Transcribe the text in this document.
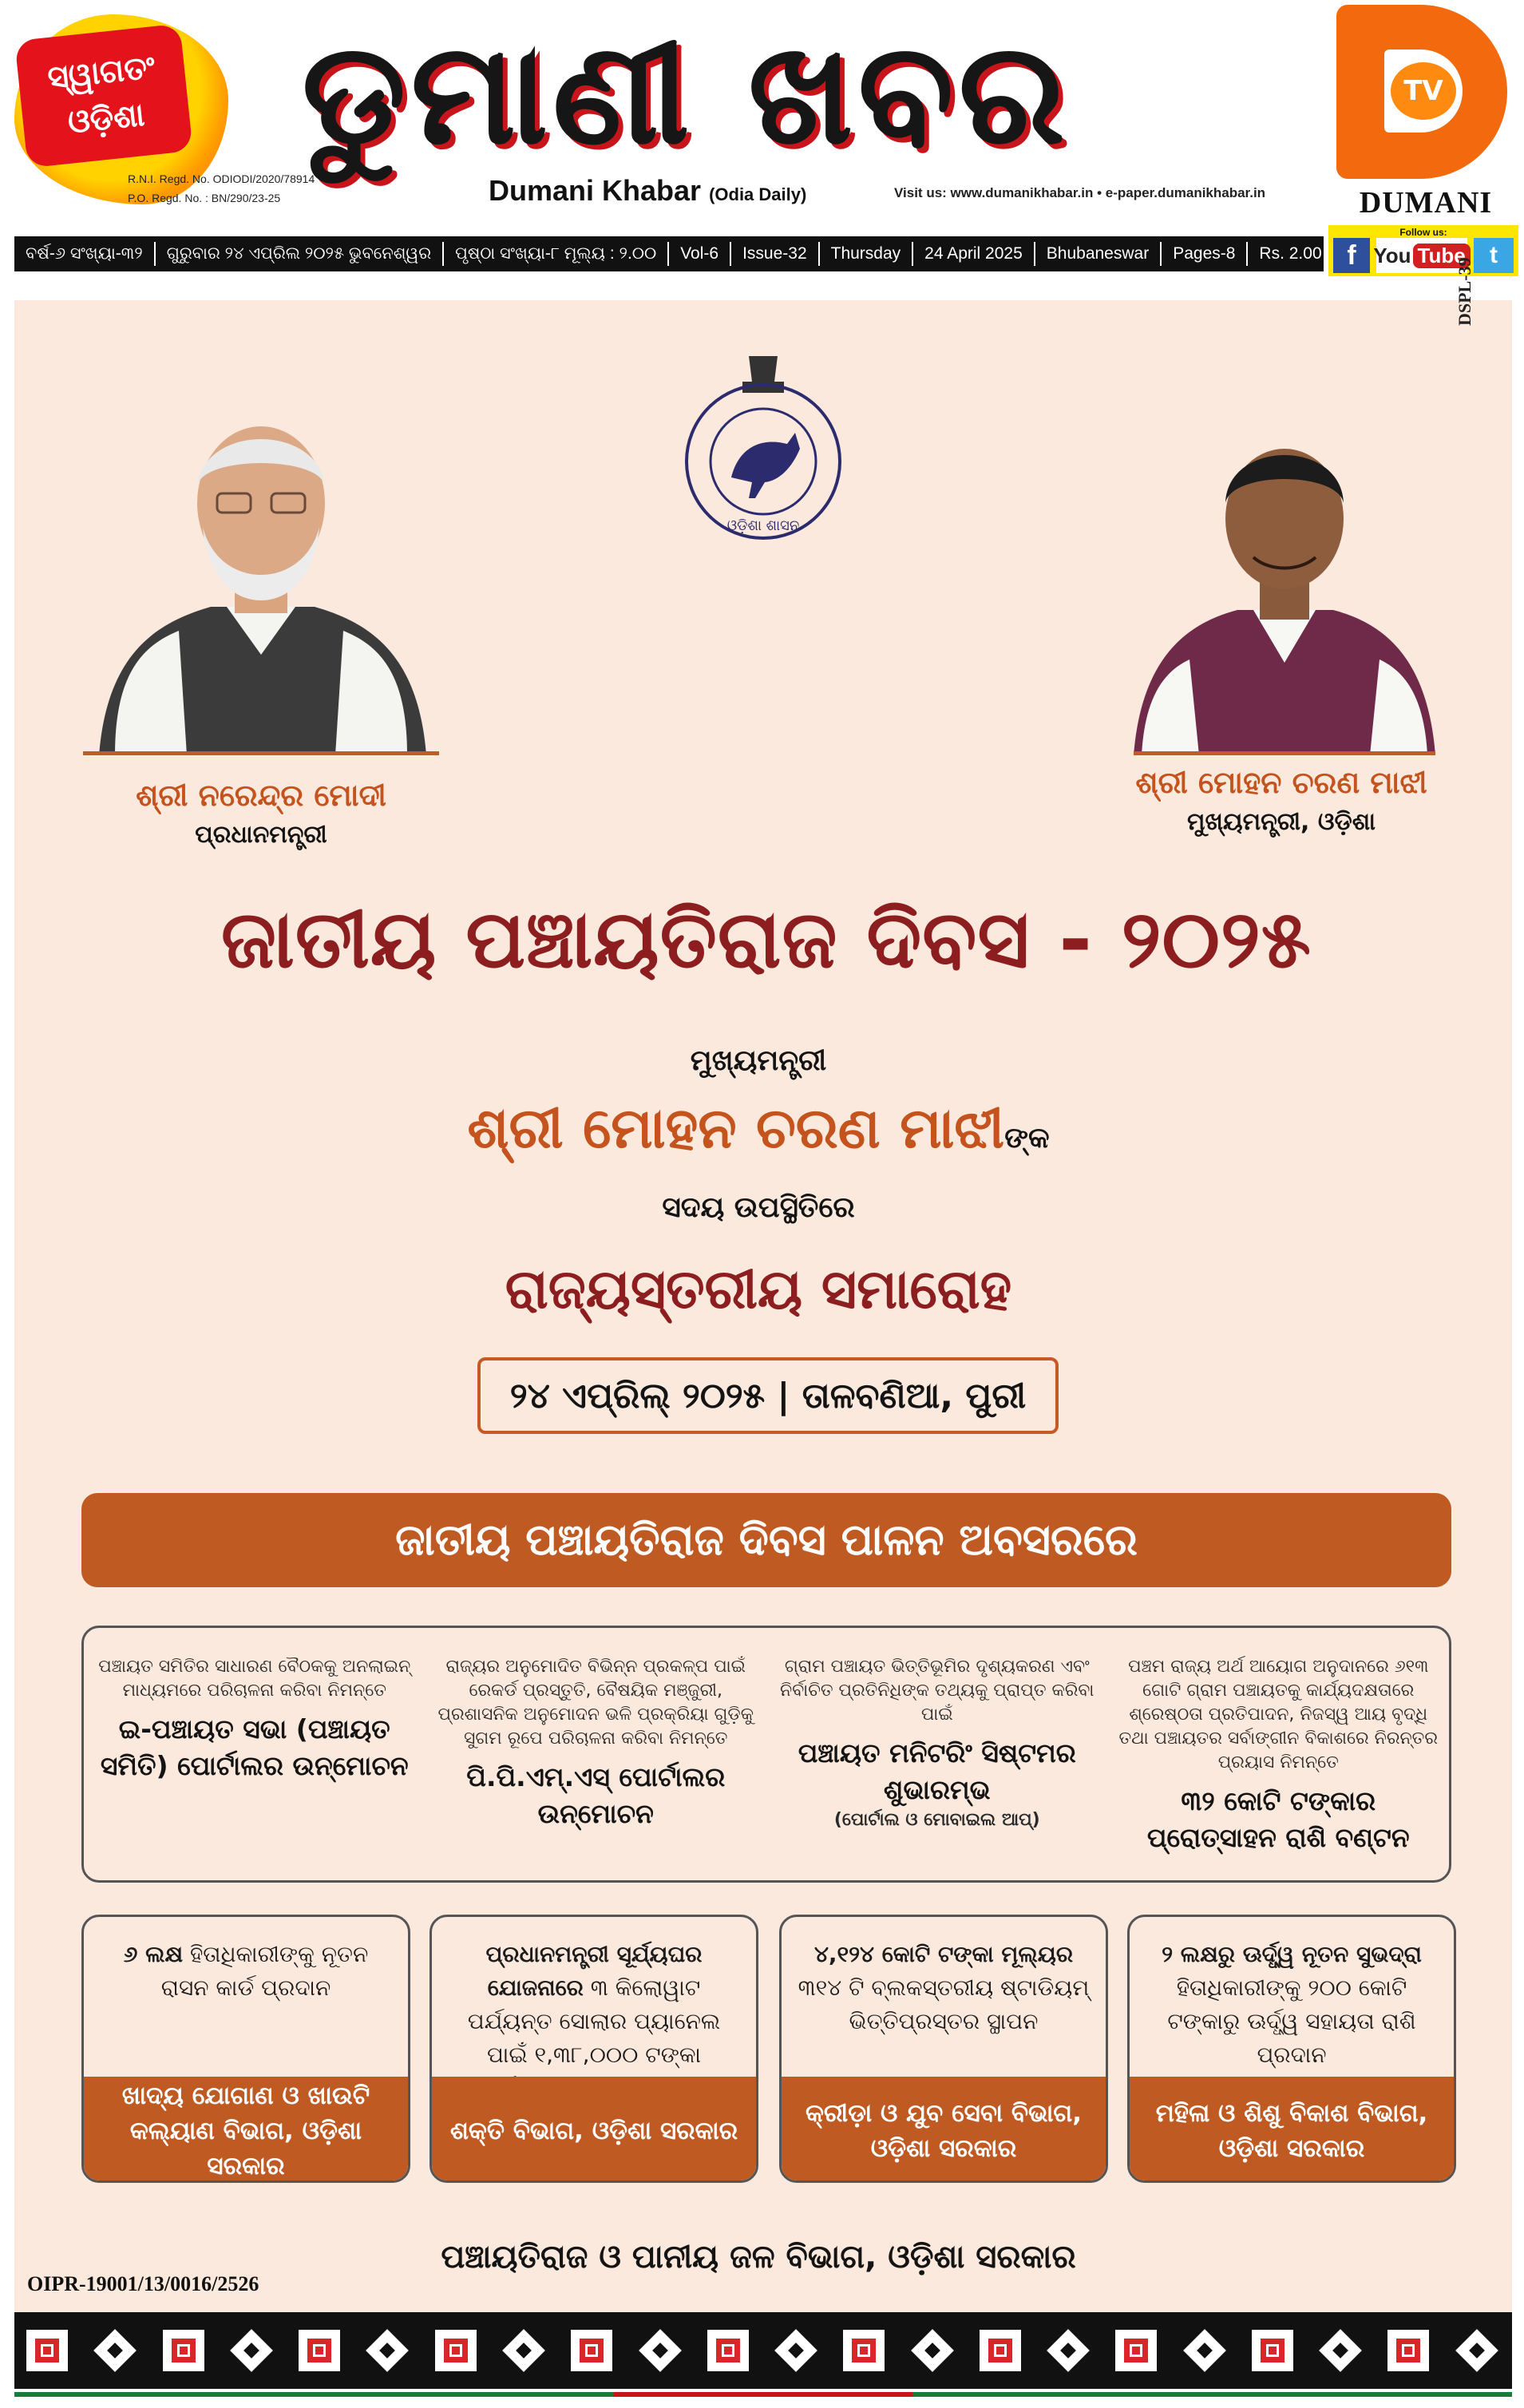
ସ୍ୱାଗତଂ
ଓଡ଼ିଶା
R.N.I. Regd. No. ODIODI/2020/78914
P.O. Regd. No. : BN/290/23-25
ଡୁମାଣୀ ଖବର
Dumani Khabar (Odia Daily)	Visit us: www.dumanikhabar.in • e-paper.dumanikhabar.in
TV
DUMANI
ବର୍ଷ-୬ ସଂଖ୍ୟା-୩୨	ଗୁରୁବାର ୨୪ ଏପ୍ରିଲ ୨୦୨୫ ଭୁବନେଶ୍ୱର	ପୃଷ୍ଠା ସଂଖ୍ୟା-୮ ମୂଲ୍ୟ : ୨.୦୦	Vol-6	Issue-32	Thursday	24 April 2025	Bhubaneswar	Pages-8	Rs. 2.00
Follow us:
f You Tube	t
DSPL-39
ଓଡ଼ିଶା ଶାସନ
ଶ୍ରୀ ନରେନ୍ଦ୍ର ମୋଦୀ
ପ୍ରଧାନମନ୍ତ୍ରୀ
ଶ୍ରୀ ମୋହନ ଚରଣ ମାଝୀ
ମୁଖ୍ୟମନ୍ତ୍ରୀ, ଓଡ଼ିଶା
ଜାତୀୟ ପଞ୍ଚାୟତିରାଜ ଦିବସ - ୨୦୨୫
ମୁଖ୍ୟମନ୍ତ୍ରୀ
ଶ୍ରୀ ମୋହନ ଚରଣ ମାଝୀଙ୍କ
ସଦୟ ଉପସ୍ଥିତିରେ
ରାଜ୍ୟସ୍ତରୀୟ ସମାରୋହ
୨୪ ଏପ୍ରିଲ୍ ୨୦୨୫ | ତାଳବଣିଆ, ପୁରୀ
ଜାତୀୟ ପଞ୍ଚାୟତିରାଜ ଦିବସ ପାଳନ ଅବସରରେ
ପଞ୍ଚାୟତ ସମିତିର ସାଧାରଣ ବୈଠକକୁ ଅନଲାଇନ୍ ମାଧ୍ୟମରେ ପରିଚାଳନା କରିବା ନିମନ୍ତେ
ଇ-ପଞ୍ଚାୟତ ସଭା (ପଞ୍ଚାୟତ ସମିତି) ପୋର୍ଟାଲର ଉନ୍ମୋଚନ
ରାଜ୍ୟର ଅନୁମୋଦିତ ବିଭିନ୍ନ ପ୍ରକଳ୍ପ ପାଇଁ ରେକର୍ଡ ପ୍ରସ୍ତୁତି, ବୈଷୟିକ ମଞ୍ଜୁରୀ, ପ୍ରଶାସନିକ ଅନୁମୋଦନ ଭଳି ପ୍ରକ୍ରିୟା ଗୁଡ଼ିକୁ ସୁଗମ ରୂପେ ପରିଚାଳନା କରିବା ନିମନ୍ତେ
ପି.ପି.ଏମ୍.ଏସ୍ ପୋର୍ଟାଲର ଉନ୍ମୋଚନ
ଗ୍ରାମ ପଞ୍ଚାୟତ ଭିତ୍ତିଭୂମିର ଦୃଶ୍ୟକରଣ ଏବଂ ନିର୍ବାଚିତ ପ୍ରତିନିଧିଙ୍କ ତଥ୍ୟକୁ ପ୍ରାପ୍ତ କରିବା ପାଇଁ
ପଞ୍ଚାୟତ ମନିଟରିଂ ସିଷ୍ଟମର ଶୁଭାରମ୍ଭ
(ପୋର୍ଟାଲ ଓ ମୋବାଇଲ ଆପ୍)
ପଞ୍ଚମ ରାଜ୍ୟ ଅର୍ଥ ଆୟୋଗ ଅନୁଦାନରେ ୬୧୩ ଗୋଟି ଗ୍ରାମ ପଞ୍ଚାୟତକୁ କାର୍ଯ୍ୟଦକ୍ଷତାରେ ଶ୍ରେଷ୍ଠତା ପ୍ରତିପାଦନ, ନିଜସ୍ୱ ଆୟ ବୃଦ୍ଧି ତଥା ପଞ୍ଚାୟତର ସର୍ବାଙ୍ଗୀନ ବିକାଶରେ ନିରନ୍ତର ପ୍ରୟାସ ନିମନ୍ତେ
୩୨ କୋଟି ଟଙ୍କାର ପ୍ରୋତ୍ସାହନ ରାଶି ବଣ୍ଟନ
୬ ଲକ୍ଷ ହିତାଧିକାରୀଙ୍କୁ ନୂତନ ରାସନ କାର୍ଡ ପ୍ରଦାନ
ଖାଦ୍ୟ ଯୋଗାଣ ଓ ଖାଉଟି କଲ୍ୟାଣ ବିଭାଗ, ଓଡ଼ିଶା ସରକାର
ପ୍ରଧାନମନ୍ତ୍ରୀ ସୂର୍ଯ୍ୟଘର ଯୋଜନାରେ ୩ କିଲୋୱାଟ ପର୍ଯ୍ୟନ୍ତ ସୋଲାର ପ୍ୟାନେଲ ପାଇଁ ୧,୩୮,୦୦୦ ଟଙ୍କା
ଶକ୍ତି ବିଭାଗ, ଓଡ଼ିଶା ସରକାର
୪,୧୨୪ କୋଟି ଟଙ୍କା ମୂଲ୍ୟର ୩୧୪ ଟି ବ୍ଲକସ୍ତରୀୟ ଷ୍ଟାଡିୟମ୍ ଭିତ୍ତିପ୍ରସ୍ତର ସ୍ଥାପନ
କ୍ରୀଡ଼ା ଓ ଯୁବ ସେବା ବିଭାଗ, ଓଡ଼ିଶା ସରକାର
୨ ଲକ୍ଷରୁ ଊର୍ଦ୍ଧ୍ୱ ନୂତନ ସୁଭଦ୍ରା ହିତାଧିକାରୀଙ୍କୁ ୨୦୦ କୋଟି ଟଙ୍କାରୁ ଊର୍ଦ୍ଧ୍ୱ ସହାୟତା ରାଶି ପ୍ରଦାନ
ମହିଳା ଓ ଶିଶୁ ବିକାଶ ବିଭାଗ, ଓଡ଼ିଶା ସରକାର
ପଞ୍ଚାୟତିରାଜ ଓ ପାନୀୟ ଜଳ ବିଭାଗ, ଓଡ଼ିଶା ସରକାର
OIPR-19001/13/0016/2526
